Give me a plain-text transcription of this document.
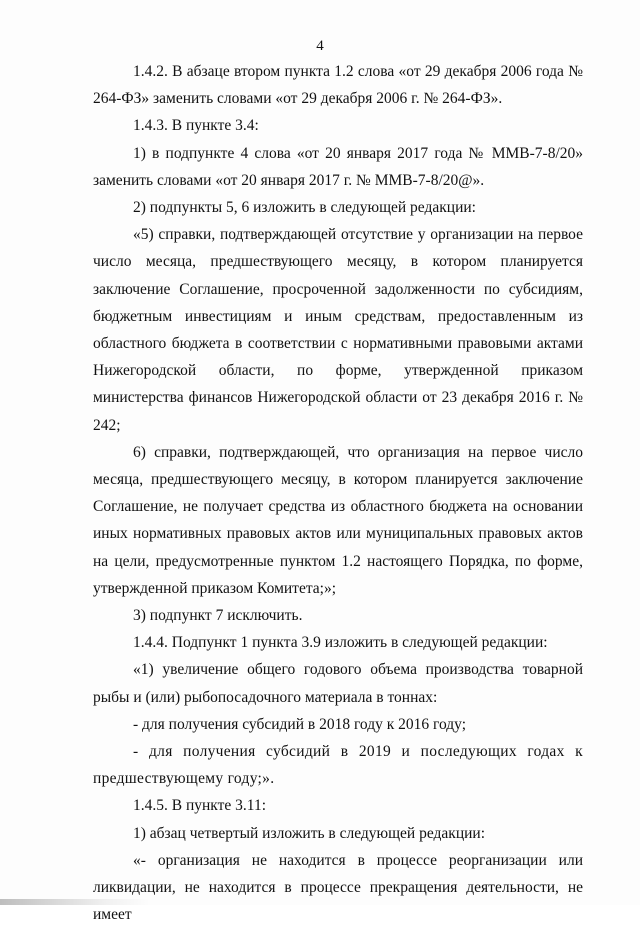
4

1.4.2. В абзаце втором пункта 1.2 слова «от 29 декабря 2006 года № 264-ФЗ» заменить словами «от 29 декабря 2006 г. № 264-ФЗ».

1.4.3. В пункте 3.4:

1) в подпункте 4 слова «от 20 января 2017 года № ММВ-7-8/20» заменить словами «от 20 января 2017 г. № ММВ-7-8/20@».

2) подпункты 5, 6 изложить в следующей редакции:

«5) справки, подтверждающей отсутствие у организации на первое число месяца, предшествующего месяцу, в котором планируется заключение Соглашение, просроченной задолженности по субсидиям, бюджетным инвестициям и иным средствам, предоставленным из областного бюджета в соответствии с нормативными правовыми актами Нижегородской области, по форме, утвержденной приказом министерства финансов Нижегородской области от 23 декабря 2016 г. № 242;

6) справки, подтверждающей, что организация на первое число месяца, предшествующего месяцу, в котором планируется заключение Соглашение, не получает средства из областного бюджета на основании иных нормативных правовых актов или муниципальных правовых актов на цели, предусмотренные пунктом 1.2 настоящего Порядка, по форме, утвержденной приказом Комитета;»;

3) подпункт 7 исключить.

1.4.4. Подпункт 1 пункта 3.9 изложить в следующей редакции:

«1) увеличение общего годового объема производства товарной рыбы и (или) рыбопосадочного материала в тоннах:

- для получения субсидий в 2018 году к 2016 году;

- для получения субсидий в 2019 и последующих годах к предшествующему году;».

1.4.5. В пункте 3.11:

1) абзац четвертый изложить в следующей редакции:

«- организация не находится в процессе реорганизации или ликвидации, не находится в процессе прекращения деятельности, не имеет
